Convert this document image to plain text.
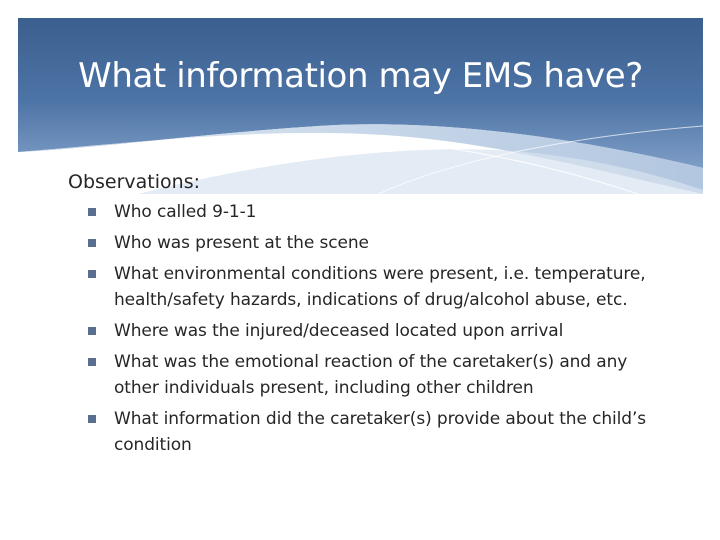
What information may EMS have?

Observations:

Who called 9-1-1
Who was present at the scene
What environmental conditions were present, i.e. temperature, health/safety hazards, indications of drug/alcohol abuse, etc.
Where was the injured/deceased located upon arrival
What was the emotional reaction of the caretaker(s) and any other individuals present, including other children
What information did the caretaker(s) provide about the child’s condition
